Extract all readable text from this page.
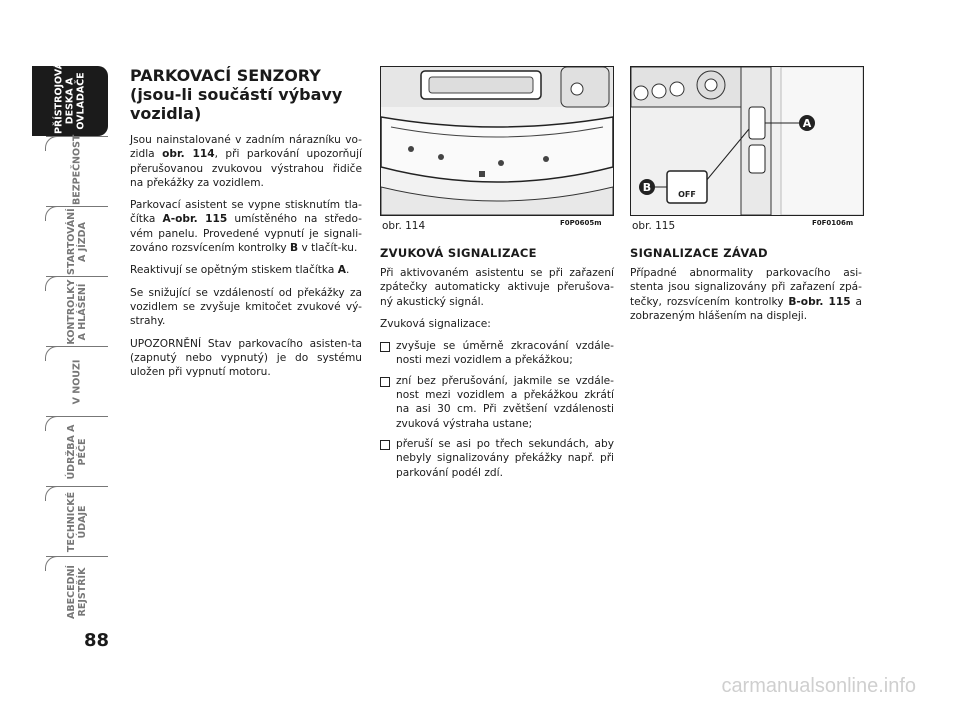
PŘÍSTROJOVÁ
DESKA A
OVLADAČE
BEZPEČNOST
STARTOVÁNÍ
A JÍZDA
KONTROLKY
A HLÁŠENÍ
V NOUZI
ÚDRŽBA A
PÉČE
TECHNICKÉ
ÚDAJE
ABECEDNÍ
REJSTŘÍK
88
PARKOVACÍ SENZORY (jsou-li součástí výbavy vozidla)

Jsou nainstalované v zadním nárazníku vo-zidla obr. 114, při parkování upozorňují přerušovanou zvukovou výstrahou řidiče na překážky za vozidlem.

Parkovací asistent se vypne stisknutím tla-čítka A-obr. 115 umístěného na středo-vém panelu. Provedené vypnutí je signali-zováno rozsvícením kontrolky B v tlačít-ku.

Reaktivují se opětným stiskem tlačítka A.

Se snižující se vzdáleností od překážky za vozidlem se zvyšuje kmitočet zvukové vý-strahy.

UPOZORNĚNÍ Stav parkovacího asisten-ta (zapnutý nebo vypnutý) je do systému uložen při vypnutí motoru.

obr. 114	F0P0605m
OFF
A
B
obr. 115	F0F0106m
ZVUKOVÁ SIGNALIZACE

Při aktivovaném asistentu se při zařazení zpátečky automaticky aktivuje přerušova-ný akustický signál.

Zvuková signalizace:

zvyšuje se úměrně zkracování vzdále-nosti mezi vozidlem a překážkou;
zní bez přerušování, jakmile se vzdále-nost mezi vozidlem a překážkou zkrátí na asi 30 cm. Při zvětšení vzdálenosti zvuková výstraha ustane;
přeruší se asi po třech sekundách, aby nebyly signalizovány překážky např. při parkování podél zdí.
SIGNALIZACE ZÁVAD

Případné abnormality parkovacího asi-stenta jsou signalizovány při zařazení zpá-tečky, rozsvícením kontrolky B-obr. 115 a zobrazeným hlášením na displeji.

carmanualsonline.info
